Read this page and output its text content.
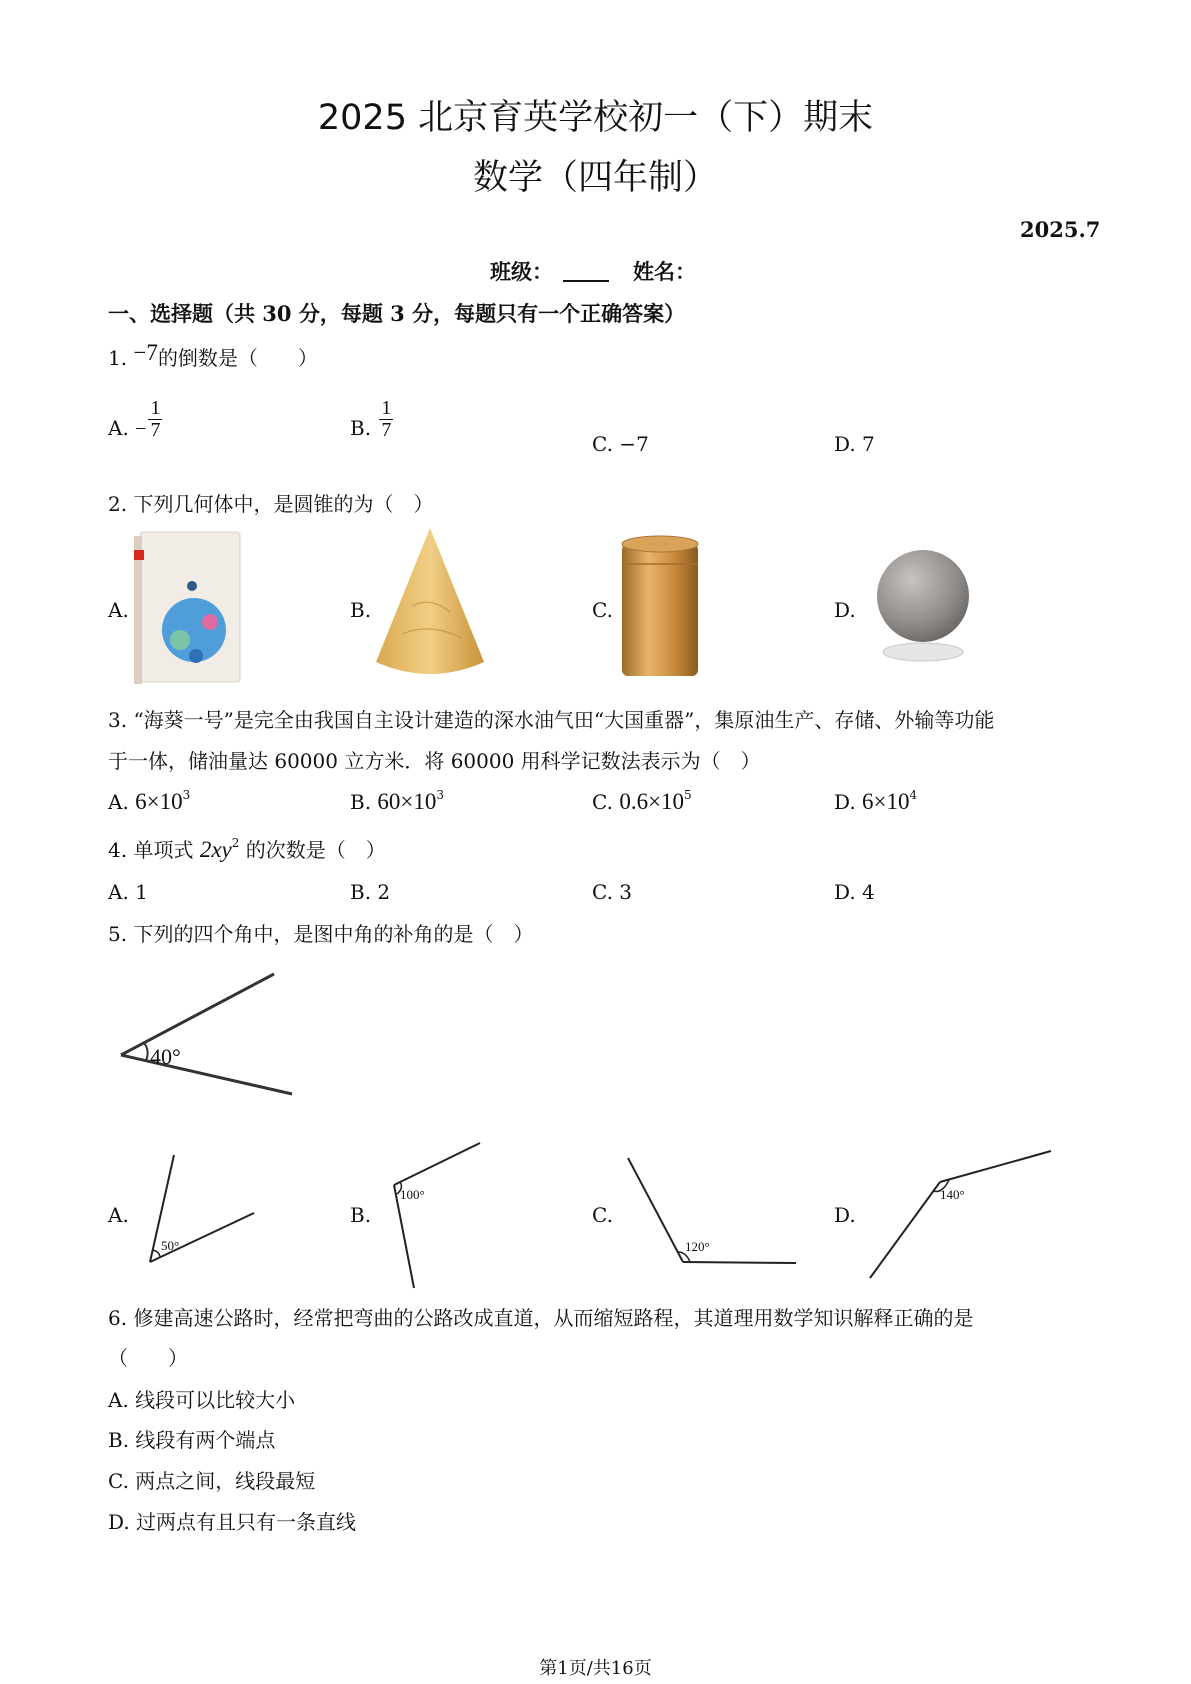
2025 北京育英学校初一（下）期末
数学（四年制）
2025.7
班级：	姓名：
一、选择题（共 30 分，每题 3 分，每题只有一个正确答案）
1. −7的倒数是（　　）
A. − $\frac{1}{7}$	B. $\frac{1}{7}$
C. −7	D. 7
2. 下列几何体中，是圆锥的为（　）
A.	B.	C.	D.
3. “海葵一号”是完全由我国自主设计建造的深水油气田“大国重器”，集原油生产、存储、外输等功能
于一体，储油量达 60000 立方米．将 60000 用科学记数法表示为（　）
A. $6\times 10^3$	B. $60\times 10^3$	C. $0.6\times 10^5$	D. $6\times 10^4$
4. 单项式 $2xy^2$ 的次数是（　）
A. 1	B. 2	C. 3	D. 4
5. 下列的四个角中，是图中角的补角的是（　）
40°
50°
100°
120°
140°
A.	B.	C.	D.
6. 修建高速公路时，经常把弯曲的公路改成直道，从而缩短路程，其道理用数学知识解释正确的是
（　　）
A. 线段可以比较大小
B. 线段有两个端点
C. 两点之间，线段最短
D. 过两点有且只有一条直线
第1页/共16页
